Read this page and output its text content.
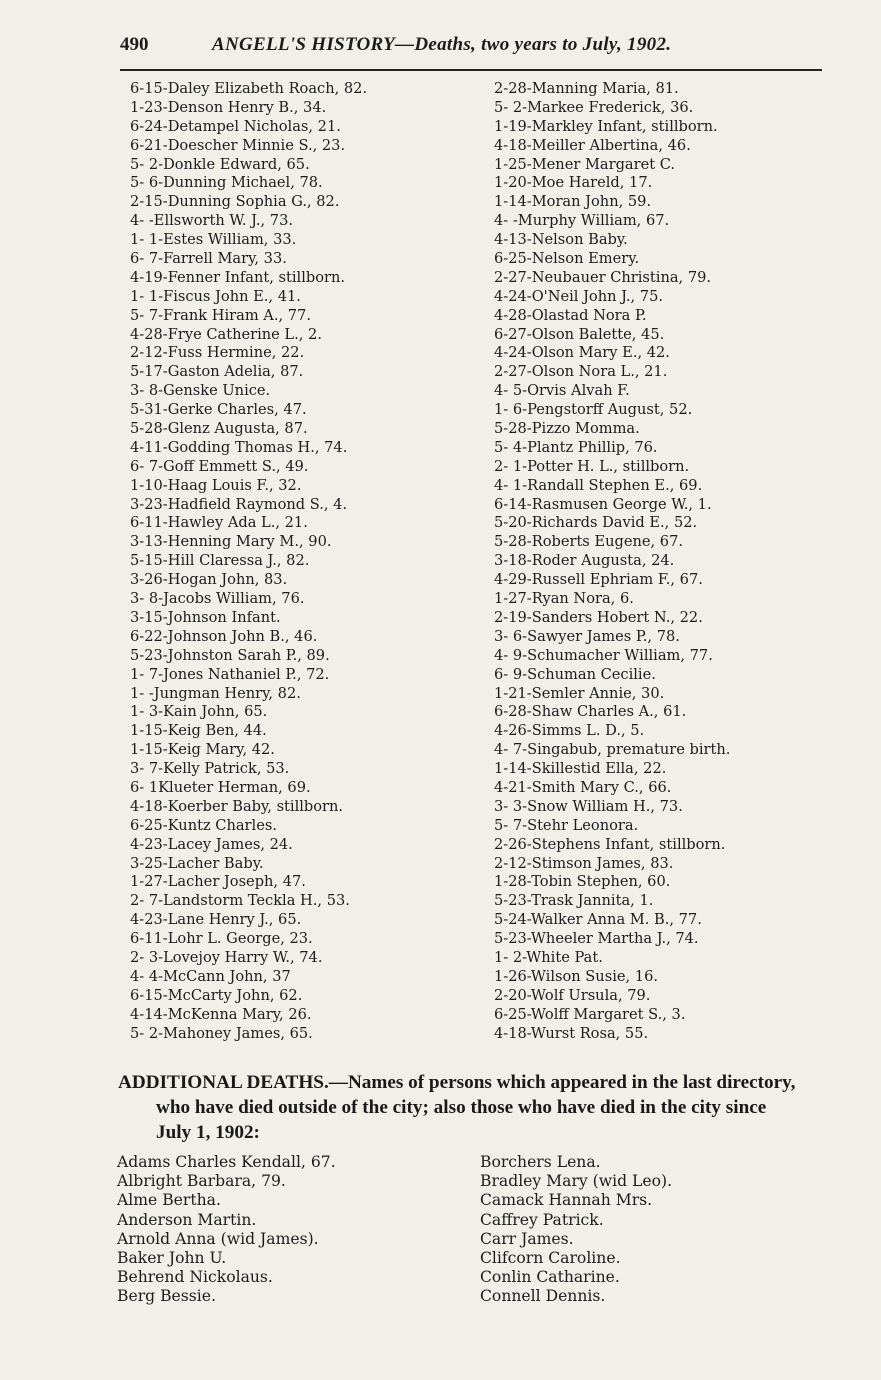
490	ANGELL'S HISTORY—Deaths, two years to July, 1902.
6-15-Daley Elizabeth Roach, 82.
1-23-Denson Henry B., 34.
6-24-Detampel Nicholas, 21.
6-21-Doescher Minnie S., 23.
5- 2-Donkle Edward, 65.
5- 6-Dunning Michael, 78.
2-15-Dunning Sophia G., 82.
4- -Ellsworth W. J., 73.
1- 1-Estes William, 33.
6- 7-Farrell Mary, 33.
4-19-Fenner Infant, stillborn.
1- 1-Fiscus John E., 41.
5- 7-Frank Hiram A., 77.
4-28-Frye Catherine L., 2.
2-12-Fuss Hermine, 22.
5-17-Gaston Adelia, 87.
3- 8-Genske Unice.
5-31-Gerke Charles, 47.
5-28-Glenz Augusta, 87.
4-11-Godding Thomas H., 74.
6- 7-Goff Emmett S., 49.
1-10-Haag Louis F., 32.
3-23-Hadfield Raymond S., 4.
6-11-Hawley Ada L., 21.
3-13-Henning Mary M., 90.
5-15-Hill Claressa J., 82.
3-26-Hogan John, 83.
3- 8-Jacobs William, 76.
3-15-Johnson Infant.
6-22-Johnson John B., 46.
5-23-Johnston Sarah P., 89.
1- 7-Jones Nathaniel P., 72.
1- -Jungman Henry, 82.
1- 3-Kain John, 65.
1-15-Keig Ben, 44.
1-15-Keig Mary, 42.
3- 7-Kelly Patrick, 53.
6- 1Klueter Herman, 69.
4-18-Koerber Baby, stillborn.
6-25-Kuntz Charles.
4-23-Lacey James, 24.
3-25-Lacher Baby.
1-27-Lacher Joseph, 47.
2- 7-Landstorm Teckla H., 53.
4-23-Lane Henry J., 65.
6-11-Lohr L. George, 23.
2- 3-Lovejoy Harry W., 74.
4- 4-McCann John, 37
6-15-McCarty John, 62.
4-14-McKenna Mary, 26.
5- 2-Mahoney James, 65.
2-28-Manning Maria, 81.
5- 2-Markee Frederick, 36.
1-19-Markley Infant, stillborn.
4-18-Meiller Albertina, 46.
1-25-Mener Margaret C.
1-20-Moe Hareld, 17.
1-14-Moran John, 59.
4- -Murphy William, 67.
4-13-Nelson Baby.
6-25-Nelson Emery.
2-27-Neubauer Christina, 79.
4-24-O'Neil John J., 75.
4-28-Olastad Nora P.
6-27-Olson Balette, 45.
4-24-Olson Mary E., 42.
2-27-Olson Nora L., 21.
4- 5-Orvis Alvah F.
1- 6-Pengstorff August, 52.
5-28-Pizzo Momma.
5- 4-Plantz Phillip, 76.
2- 1-Potter H. L., stillborn.
4- 1-Randall Stephen E., 69.
6-14-Rasmusen George W., 1.
5-20-Richards David E., 52.
5-28-Roberts Eugene, 67.
3-18-Roder Augusta, 24.
4-29-Russell Ephriam F., 67.
1-27-Ryan Nora, 6.
2-19-Sanders Hobert N., 22.
3- 6-Sawyer James P., 78.
4- 9-Schumacher William, 77.
6- 9-Schuman Cecilie.
1-21-Semler Annie, 30.
6-28-Shaw Charles A., 61.
4-26-Simms L. D., 5.
4- 7-Singabub, premature birth.
1-14-Skillestid Ella, 22.
4-21-Smith Mary C., 66.
3- 3-Snow William H., 73.
5- 7-Stehr Leonora.
2-26-Stephens Infant, stillborn.
2-12-Stimson James, 83.
1-28-Tobin Stephen, 60.
5-23-Trask Jannita, 1.
5-24-Walker Anna M. B., 77.
5-23-Wheeler Martha J., 74.
1- 2-White Pat.
1-26-Wilson Susie, 16.
2-20-Wolf Ursula, 79.
6-25-Wolff Margaret S., 3.
4-18-Wurst Rosa, 55.
ADDITIONAL DEATHS.—Names of persons which appeared in the last directory,
who have died outside of the city; also those who have died in the city since
July 1, 1902:
Adams Charles Kendall, 67.
Albright Barbara, 79.
Alme Bertha.
Anderson Martin.
Arnold Anna (wid James).
Baker John U.
Behrend Nickolaus.
Berg Bessie.
Borchers Lena.
Bradley Mary (wid Leo).
Camack Hannah Mrs.
Caffrey Patrick.
Carr James.
Clifcorn Caroline.
Conlin Catharine.
Connell Dennis.
